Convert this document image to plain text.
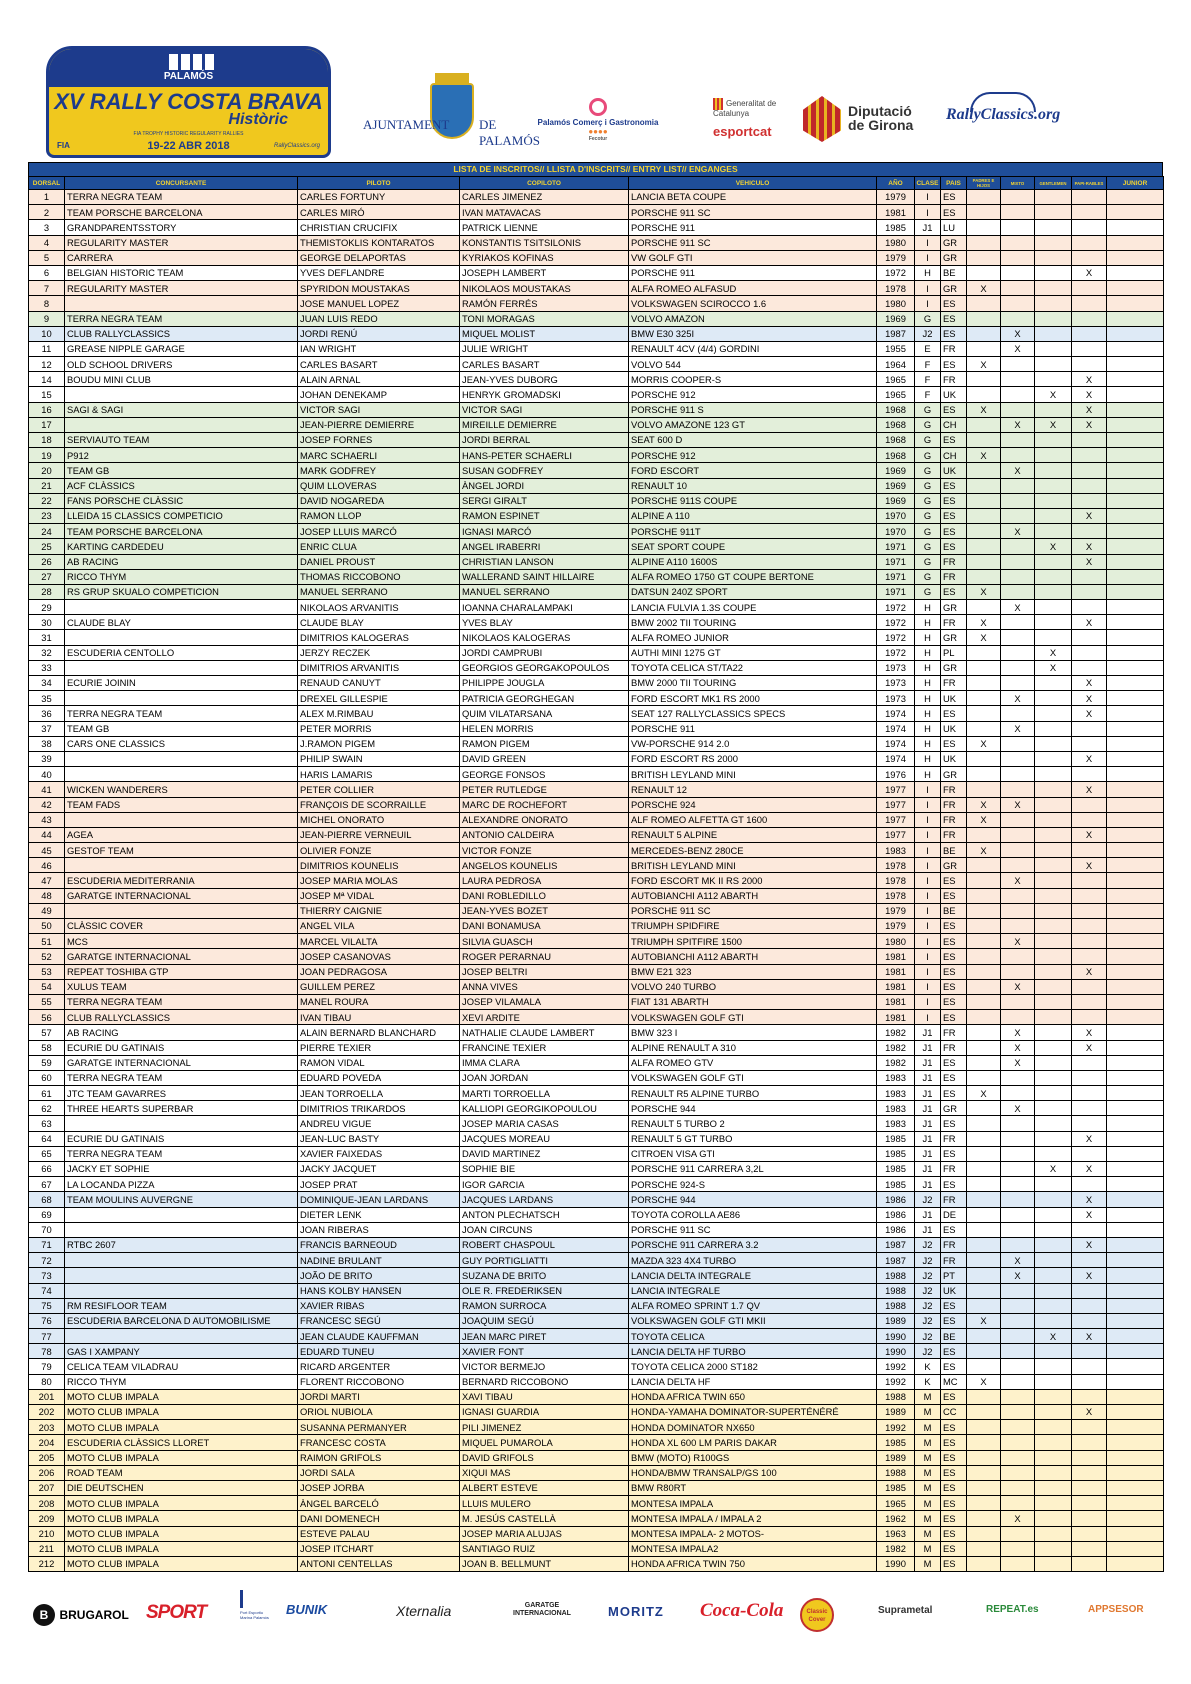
PALAMÓS
XV RALLY COSTA BRAVA
Històric
FIA TROPHY HISTORIC REGULARITY RALLIES
FIA	19-22 ABR 2018	RallyClassics.org
AJUNTAMENT DE PALAMÓS
Palamós Comerç i Gastronomia
●●●●
Fecotur
Generalitat de Catalunya
esportcat
Diputació
de Girona
RallyClassics.org
LISTA DE INSCRITOS// LLISTA D'INSCRITS// ENTRY LIST// ENGANGES
DORSAL	CONCURSANTE	PILOTO	COPILOTO	VEHICULO	AÑO	CLASE	PAIS	PADRES E HIJOS	MIXTO	GENTLEMEN	PAPI-RABLES	JUNIOR
1	TERRA NEGRA TEAM	CARLES FORTUNY	CARLES JIMENEZ	LANCIA BETA COUPE	1979	I	ES					
2	TEAM PORSCHE BARCELONA	CARLES MIRÓ	IVAN MATAVACAS	PORSCHE 911 SC	1981	I	ES					
3	GRANDPARENTSSTORY	CHRISTIAN CRUCIFIX	PATRICK LIENNE	PORSCHE 911	1985	J1	LU					
4	REGULARITY MASTER	THEMISTOKLIS KONTARATOS	KONSTANTIS TSITSILONIS	PORSCHE 911 SC	1980	I	GR					
5	CARRERA	GEORGE DELAPORTAS	KYRIAKOS KOFINAS	VW GOLF GTI	1979	I	GR					
6	BELGIAN HISTORIC TEAM	YVES DEFLANDRE	JOSEPH LAMBERT	PORSCHE 911	1972	H	BE				X	
7	REGULARITY MASTER	SPYRIDON MOUSTAKAS	NIKOLAOS MOUSTAKAS	ALFA ROMEO ALFASUD	1978	I	GR	X				
8		JOSE MANUEL LOPEZ	RAMÓN FERRÉS	VOLKSWAGEN SCIROCCO 1.6	1980	I	ES					
9	TERRA NEGRA TEAM	JUAN LUIS REDO	TONI MORAGAS	VOLVO AMAZON	1969	G	ES					
10	CLUB RALLYCLASSICS	JORDI RENÚ	MIQUEL MOLIST	BMW E30 325I	1987	J2	ES		X			
11	GREASE NIPPLE GARAGE	IAN WRIGHT	JULIE WRIGHT	RENAULT 4CV (4/4) GORDINI	1955	E	FR		X			
12	OLD SCHOOL DRIVERS	CARLES BASART	CARLES BASART	VOLVO 544	1964	F	ES	X				
14	BOUDU MINI CLUB	ALAIN ARNAL	JEAN-YVES DUBORG	MORRIS COOPER-S	1965	F	FR				X	
15		JOHAN DENEKAMP	HENRYK GROMADSKI	PORSCHE 912	1965	F	UK			X	X	
16	SAGI & SAGI	VICTOR SAGI	VICTOR SAGI	PORSCHE 911 S	1968	G	ES	X			X	
17		JEAN-PIERRE DEMIERRE	MIREILLE DEMIERRE	VOLVO AMAZONE 123 GT	1968	G	CH		X	X	X	
18	SERVIAUTO TEAM	JOSEP FORNES	JORDI BERRAL	SEAT 600 D	1968	G	ES					
19	P912	MARC SCHAERLI	HANS-PETER SCHAERLI	PORSCHE 912	1968	G	CH	X				
20	TEAM GB	MARK GODFREY	SUSAN GODFREY	FORD ESCORT	1969	G	UK		X			
21	ACF CLÀSSICS	QUIM LLOVERAS	ÀNGEL JORDI	RENAULT 10	1969	G	ES					
22	FANS PORSCHE CLÀSSIC	DAVID NOGAREDA	SERGI GIRALT	PORSCHE 911S COUPE	1969	G	ES					
23	LLEIDA 15 CLASSICS COMPETICIO	RAMON LLOP	RAMON ESPINET	ALPINE A 110	1970	G	ES				X	
24	TEAM PORSCHE BARCELONA	JOSEP LLUIS MARCÓ	IGNASI MARCÓ	PORSCHE 911T	1970	G	ES		X			
25	KARTING CARDEDEU	ENRIC CLUA	ANGEL IRABERRI	SEAT SPORT COUPE	1971	G	ES			X	X	
26	AB RACING	DANIEL PROUST	CHRISTIAN LANSON	ALPINE A110 1600S	1971	G	FR				X	
27	RICCO THYM	THOMAS RICCOBONO	WALLERAND SAINT HILLAIRE	ALFA ROMEO 1750 GT COUPE BERTONE	1971	G	FR					
28	RS GRUP SKUALO COMPETICION	MANUEL SERRANO	MANUEL SERRANO	DATSUN 240Z SPORT	1971	G	ES	X				
29		NIKOLAOS ARVANITIS	IOANNA CHARALAMPAKI	LANCIA FULVIA 1.3S COUPE	1972	H	GR		X			
30	CLAUDE BLAY	CLAUDE BLAY	YVES BLAY	BMW 2002 TII TOURING	1972	H	FR	X			X	
31		DIMITRIOS KALOGERAS	NIKOLAOS KALOGERAS	ALFA ROMEO JUNIOR	1972	H	GR	X				
32	ESCUDERIA CENTOLLO	JERZY RECZEK	JORDI CAMPRUBI	AUTHI MINI 1275 GT	1972	H	PL			X		
33		DIMITRIOS ARVANITIS	GEORGIOS GEORGAKOPOULOS	TOYOTA CELICA ST/TA22	1973	H	GR			X		
34	ECURIE JOININ	RENAUD CANUYT	PHILIPPE JOUGLA	BMW 2000 TII TOURING	1973	H	FR				X	
35		DREXEL GILLESPIE	PATRICIA GEORGHEGAN	FORD ESCORT MK1 RS 2000	1973	H	UK		X		X	
36	TERRA NEGRA TEAM	ALEX M.RIMBAU	QUIM VILATARSANA	SEAT 127 RALLYCLASSICS SPECS	1974	H	ES				X	
37	TEAM GB	PETER MORRIS	HELEN MORRIS	PORSCHE 911	1974	H	UK		X			
38	CARS ONE CLASSICS	J.RAMON PIGEM	RAMON PIGEM	VW-PORSCHE 914 2.0	1974	H	ES	X				
39		PHILIP SWAIN	DAVID GREEN	FORD ESCORT RS 2000	1974	H	UK				X	
40		HARIS LAMARIS	GEORGE FONSOS	BRITISH LEYLAND MINI	1976	H	GR					
41	WICKEN WANDERERS	PETER COLLIER	PETER RUTLEDGE	RENAULT 12	1977	I	FR				X	
42	TEAM FADS	FRANÇOIS DE SCORRAILLE	MARC DE ROCHEFORT	PORSCHE 924	1977	I	FR	X	X			
43		MICHEL ONORATO	ALEXANDRE ONORATO	ALF ROMEO ALFETTA GT 1600	1977	I	FR	X				
44	AGEA	JEAN-PIERRE VERNEUIL	ANTONIO CALDEIRA	RENAULT 5 ALPINE	1977	I	FR				X	
45	GESTOF TEAM	OLIVIER FONZE	VICTOR FONZE	MERCEDES-BENZ 280CE	1983	I	BE	X				
46		DIMITRIOS KOUNELIS	ANGELOS KOUNELIS	BRITISH LEYLAND MINI	1978	I	GR				X	
47	ESCUDERIA MEDITERRANIA	JOSEP MARIA MOLAS	LAURA PEDROSA	FORD ESCORT MK II RS 2000	1978	I	ES		X			
48	GARATGE INTERNACIONAL	JOSEP Mª VIDAL	DANI ROBLEDILLO	AUTOBIANCHI A112 ABARTH	1978	I	ES					
49		THIERRY CAIGNIE	JEAN-YVES BOZET	PORSCHE 911 SC	1979	I	BE					
50	CLÀSSIC COVER	ANGEL VILA	DANI BONAMUSA	TRIUMPH SPIDFIRE	1979	I	ES					
51	MCS	MARCEL VILALTA	SILVIA GUASCH	TRIUMPH SPITFIRE 1500	1980	I	ES		X			
52	GARATGE INTERNACIONAL	JOSEP CASANOVAS	ROGER PERARNAU	AUTOBIANCHI A112 ABARTH	1981	I	ES					
53	REPEAT TOSHIBA GTP	JOAN PEDRAGOSA	JOSEP BELTRI	BMW E21 323	1981	I	ES				X	
54	XULUS TEAM	GUILLEM PEREZ	ANNA VIVES	VOLVO 240 TURBO	1981	I	ES		X			
55	TERRA NEGRA TEAM	MANEL ROURA	JOSEP VILAMALA	FIAT 131 ABARTH	1981	I	ES					
56	CLUB RALLYCLASSICS	IVAN TIBAU	XEVI ARDITE	VOLKSWAGEN GOLF GTI	1981	I	ES					
57	AB RACING	ALAIN BERNARD BLANCHARD	NATHALIE CLAUDE LAMBERT	BMW 323 I	1982	J1	FR		X		X	
58	ECURIE DU GATINAIS	PIERRE TEXIER	FRANCINE TEXIER	ALPINE RENAULT A 310	1982	J1	FR		X		X	
59	GARATGE INTERNACIONAL	RAMON VIDAL	IMMA CLARA	ALFA ROMEO GTV	1982	J1	ES		X			
60	TERRA NEGRA TEAM	EDUARD POVEDA	JOAN JORDAN	VOLKSWAGEN GOLF GTI	1983	J1	ES					
61	JTC TEAM GAVARRES	JEAN TORROELLA	MARTI TORROELLA	RENAULT R5 ALPINE TURBO	1983	J1	ES	X				
62	THREE HEARTS SUPERBAR	DIMITRIOS TRIKARDOS	KALLIOPI GEORGIKOPOULOU	PORSCHE 944	1983	J1	GR		X			
63		ANDREU VIGUE	JOSEP MARIA CASAS	RENAULT 5 TURBO 2	1983	J1	ES					
64	ECURIE DU GATINAIS	JEAN-LUC BASTY	JACQUES MOREAU	RENAULT 5 GT TURBO	1985	J1	FR				X	
65	TERRA NEGRA TEAM	XAVIER FAIXEDAS	DAVID MARTINEZ	CITROEN VISA GTI	1985	J1	ES					
66	JACKY ET SOPHIE	JACKY JACQUET	SOPHIE BIE	PORSCHE 911 CARRERA 3,2L	1985	J1	FR			X	X	
67	LA LOCANDA PIZZA	JOSEP PRAT	IGOR GARCIA	PORSCHE 924-S	1985	J1	ES					
68	TEAM MOULINS AUVERGNE	DOMINIQUE-JEAN LARDANS	JACQUES LARDANS	PORSCHE 944	1986	J2	FR				X	
69		DIETER LENK	ANTON PLECHATSCH	TOYOTA COROLLA AE86	1986	J1	DE				X	
70		JOAN RIBERAS	JOAN CIRCUNS	PORSCHE 911 SC	1986	J1	ES					
71	RTBC 2607	FRANCIS BARNEOUD	ROBERT CHASPOUL	PORSCHE 911 CARRERA 3.2	1987	J2	FR				X	
72		NADINE BRULANT	GUY PORTIGLIATTI	MAZDA 323 4X4 TURBO	1987	J2	FR		X			
73		JOÃO DE BRITO	SUZANA DE BRITO	LANCIA DELTA INTEGRALE	1988	J2	PT		X		X	
74		HANS KOLBY HANSEN	OLE R. FREDERIKSEN	LANCIA INTEGRALE	1988	J2	UK					
75	RM RESIFLOOR TEAM	XAVIER RIBAS	RAMON SURROCA	ALFA ROMEO SPRINT 1.7 QV	1988	J2	ES					
76	ESCUDERIA BARCELONA D AUTOMOBILISME	FRANCESC SEGÚ	JOAQUIM SEGÚ	VOLKSWAGEN GOLF GTI MKII	1989	J2	ES	X				
77		JEAN CLAUDE KAUFFMAN	JEAN MARC PIRET	TOYOTA CELICA	1990	J2	BE			X	X	
78	GAS I XAMPANY	EDUARD TUNEU	XAVIER FONT	LANCIA DELTA HF TURBO	1990	J2	ES					
79	CELICA TEAM VILADRAU	RICARD ARGENTER	VICTOR BERMEJO	TOYOTA CELICA 2000 ST182	1992	K	ES					
80	RICCO THYM	FLORENT RICCOBONO	BERNARD RICCOBONO	LANCIA DELTA HF	1992	K	MC	X				
201	MOTO CLUB IMPALA	JORDI MARTI	XAVI TIBAU	HONDA AFRICA TWIN 650	1988	M	ES					
202	MOTO CLUB IMPALA	ORIOL NUBIOLA	IGNASI GUARDIA	HONDA-YAMAHA DOMINATOR-SUPERTÉNÉRÉ	1989	M	CC				X	
203	MOTO CLUB IMPALA	SUSANNA PERMANYER	PILI JIMENEZ	HONDA DOMINATOR NX650	1992	M	ES					
204	ESCUDERIA CLÀSSICS LLORET	FRANCESC COSTA	MIQUEL PUMAROLA	HONDA XL 600 LM PARIS DAKAR	1985	M	ES					
205	MOTO CLUB IMPALA	RAIMON GRIFOLS	DAVID GRIFOLS	BMW (MOTO) R100GS	1989	M	ES					
206	ROAD TEAM	JORDI SALA	XIQUI MAS	HONDA/BMW TRANSALP/GS 100	1988	M	ES					
207	DIE DEUTSCHEN	JOSEP JORBA	ALBERT ESTEVE	BMW R80RT	1985	M	ES					
208	MOTO CLUB IMPALA	ÀNGEL BARCELÓ	LLUIS MULERO	MONTESA IMPALA	1965	M	ES					
209	MOTO CLUB IMPALA	DANI DOMENECH	M. JESÚS CASTELLÀ	MONTESA IMPALA / IMPALA 2	1962	M	ES		X			
210	MOTO CLUB IMPALA	ESTEVE PALAU	JOSEP MARIA ALUJAS	MONTESA IMPALA- 2 MOTOS-	1963	M	ES					
211	MOTO CLUB IMPALA	JOSEP ITCHART	SANTIAGO RUIZ	MONTESA IMPALA2	1982	M	ES					
212	MOTO CLUB IMPALA	ANTONI CENTELLAS	JOAN B. BELLMUNT	HONDA AFRICA TWIN 750	1990	M	ES					
B BRUGAROL SPORT	Port Esportiu Marina Palamós
BUNIK	Xternalia	GARATGE INTERNACIONAL	MORITZ Coca-Cola	Classic Cover
Suprametal	REPEAT.es	APPSESOR
